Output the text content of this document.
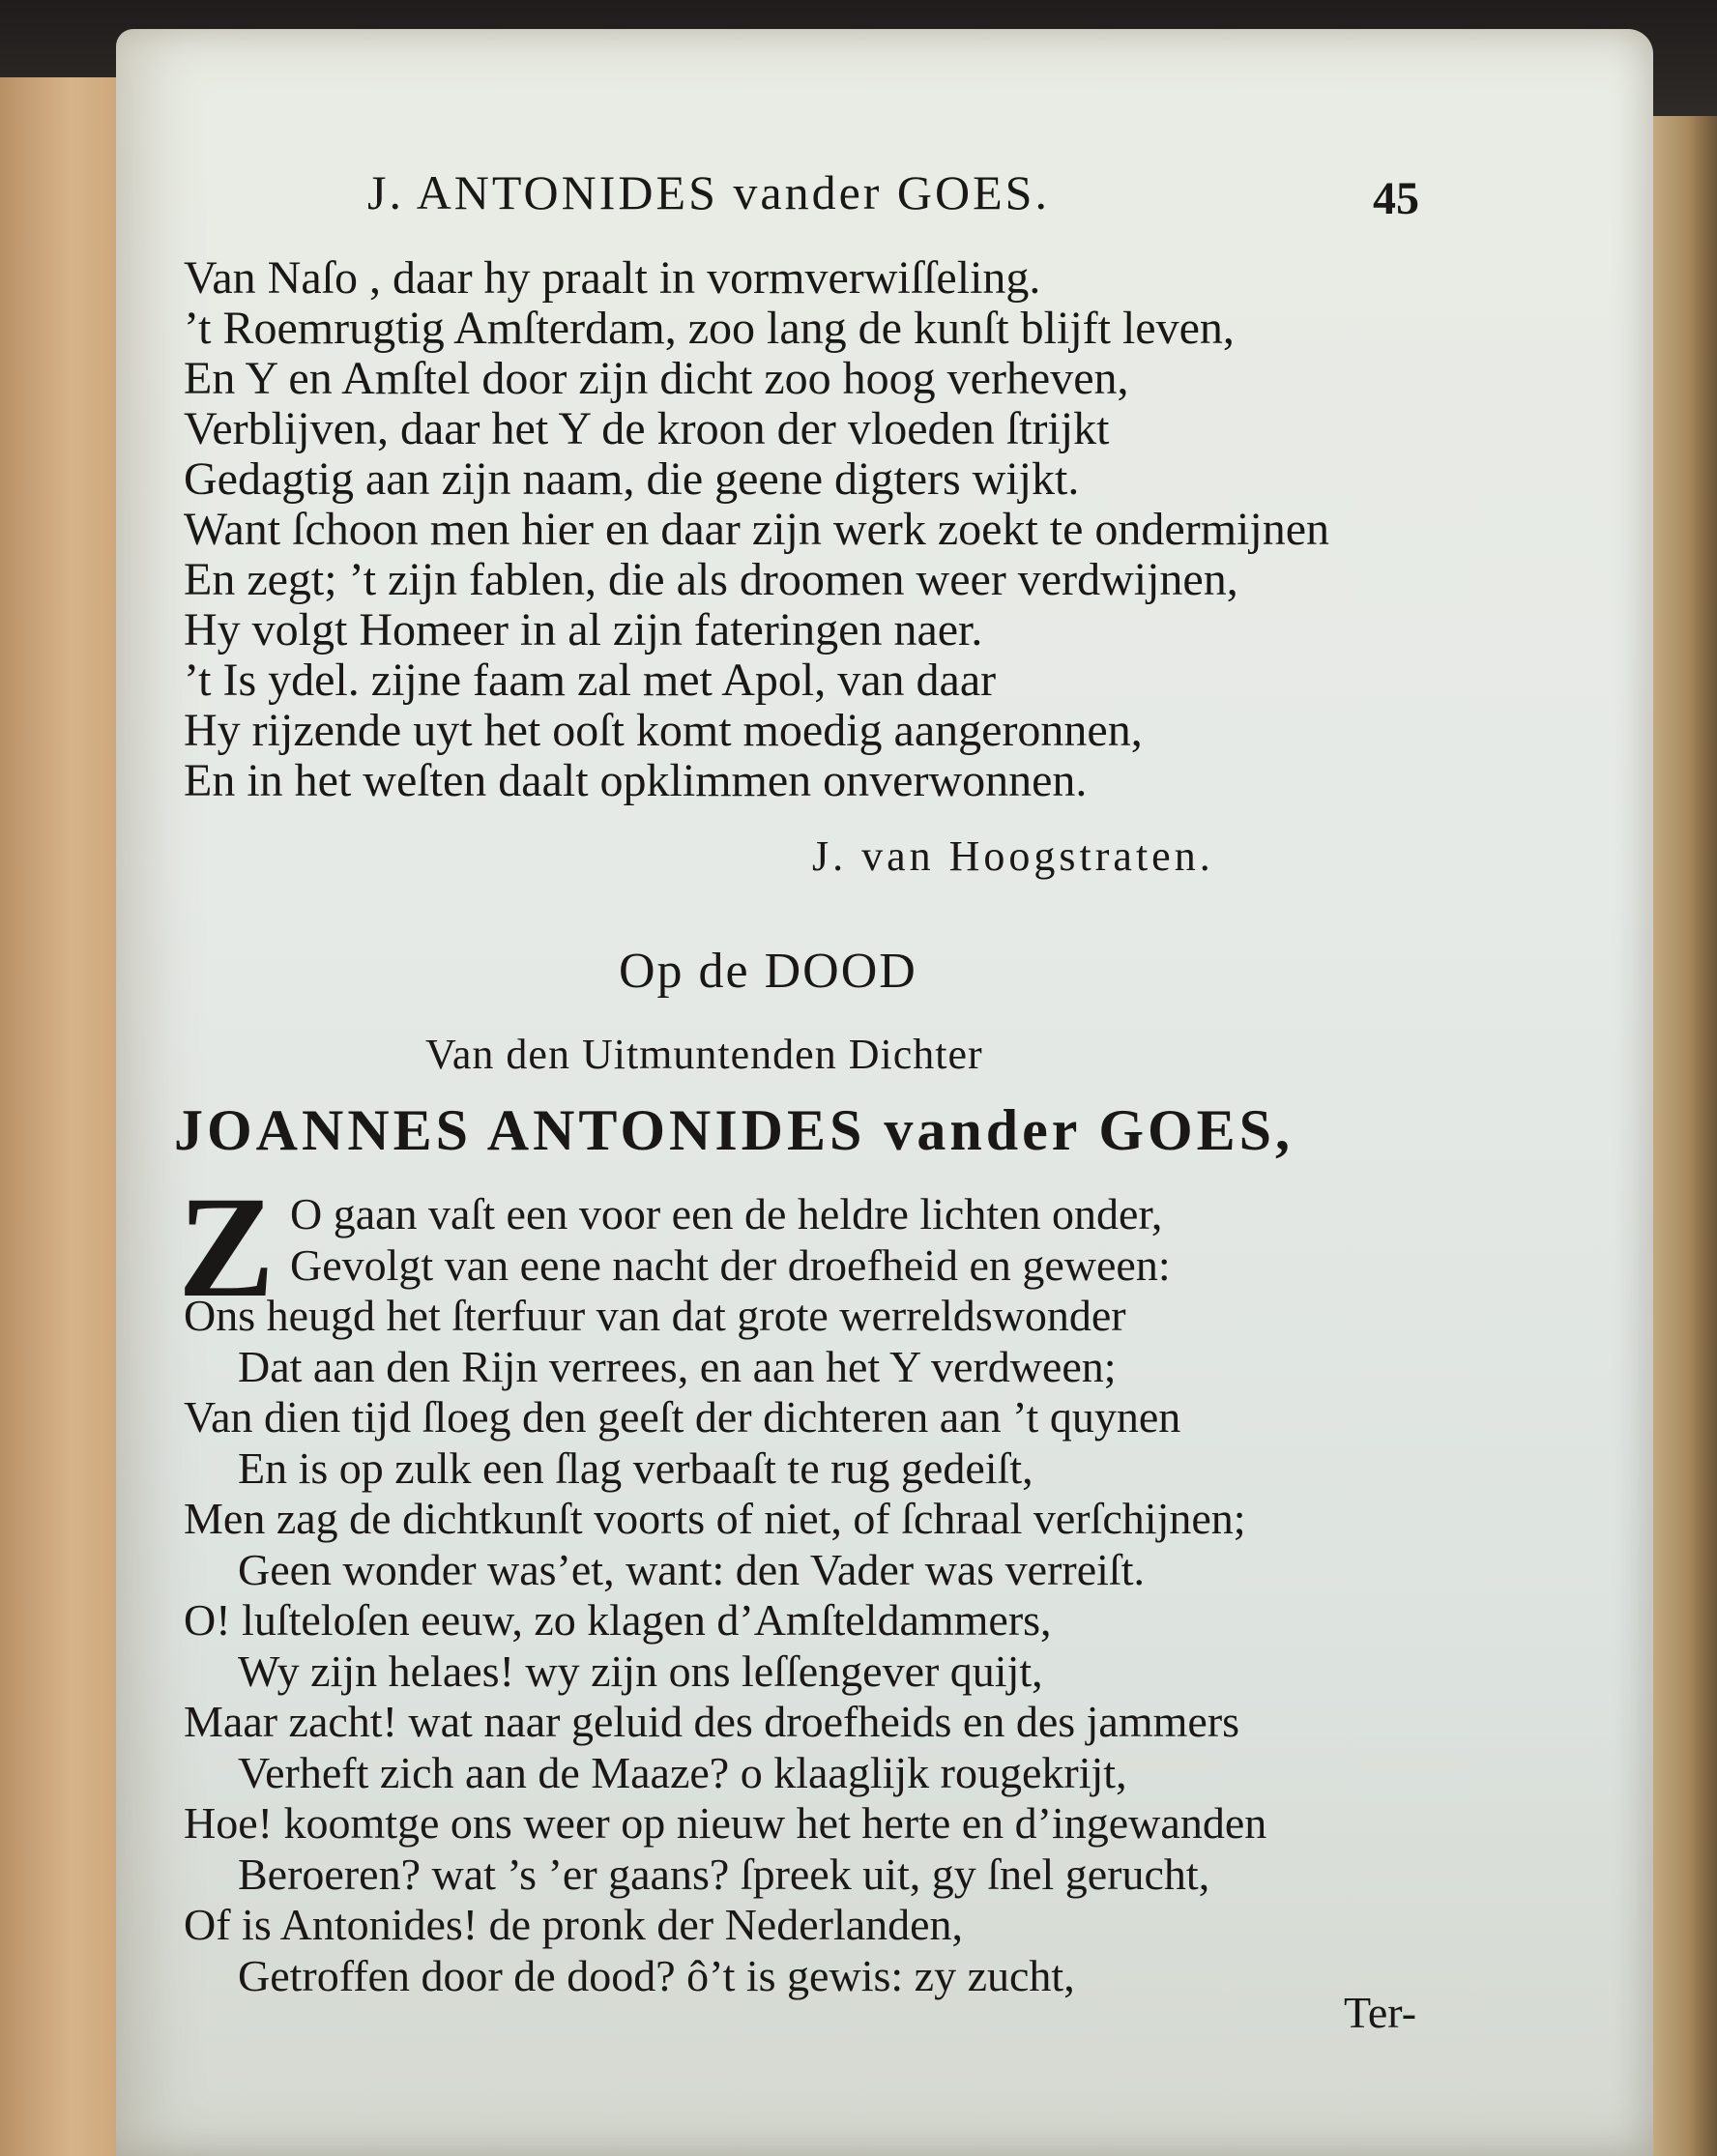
J. ANTONIDES vander GOES.	45
Van Naſo , daar hy praalt in vormverwiſſeling.
’t Roemrugtig Amſterdam, zoo lang de kunſt blijft leven,
En Y en Amſtel door zijn dicht zoo hoog verheven,
Verblijven, daar het Y de kroon der vloeden ſtrijkt
Gedagtig aan zijn naam, die geene digters wijkt.
Want ſchoon men hier en daar zijn werk zoekt te ondermijnen
En zegt; ’t zijn fablen, die als droomen weer verdwijnen,
Hy volgt Homeer in al zijn fateringen naer.
’t Is ydel. zijne faam zal met Apol, van daar
Hy rijzende uyt het ooſt komt moedig aangeronnen,
En in het weſten daalt opklimmen onverwonnen.
J. van Hoogstraten.
Op de DOOD
Van den Uitmuntenden Dichter
JOANNES ANTONIDES vander GOES,
Z O gaan vaſt een voor een de heldre lichten onder,
Gevolgt van eene nacht der droefheid en geween:
Ons heugd het ſterfuur van dat grote werreldswonder
Dat aan den Rijn verrees, en aan het Y verdween;
Van dien tijd ſloeg den geeſt der dichteren aan ’t quynen
En is op zulk een ſlag verbaaſt te rug gedeiſt,
Men zag de dichtkunſt voorts of niet, of ſchraal verſchijnen;
Geen wonder was’et, want: den Vader was verreiſt.
O! luſteloſen eeuw, zo klagen d’Amſteldammers,
Wy zijn helaes! wy zijn ons leſſengever quijt,
Maar zacht! wat naar geluid des droefheids en des jammers
Verheft zich aan de Maaze? o klaaglijk rougekrijt,
Hoe! koomtge ons weer op nieuw het herte en d’ingewanden
Beroeren? wat ’s ’er gaans? ſpreek uit, gy ſnel gerucht,
Of is Antonides! de pronk der Nederlanden,
Getroffen door de dood? ô’t is gewis: zy zucht,
Ter-
